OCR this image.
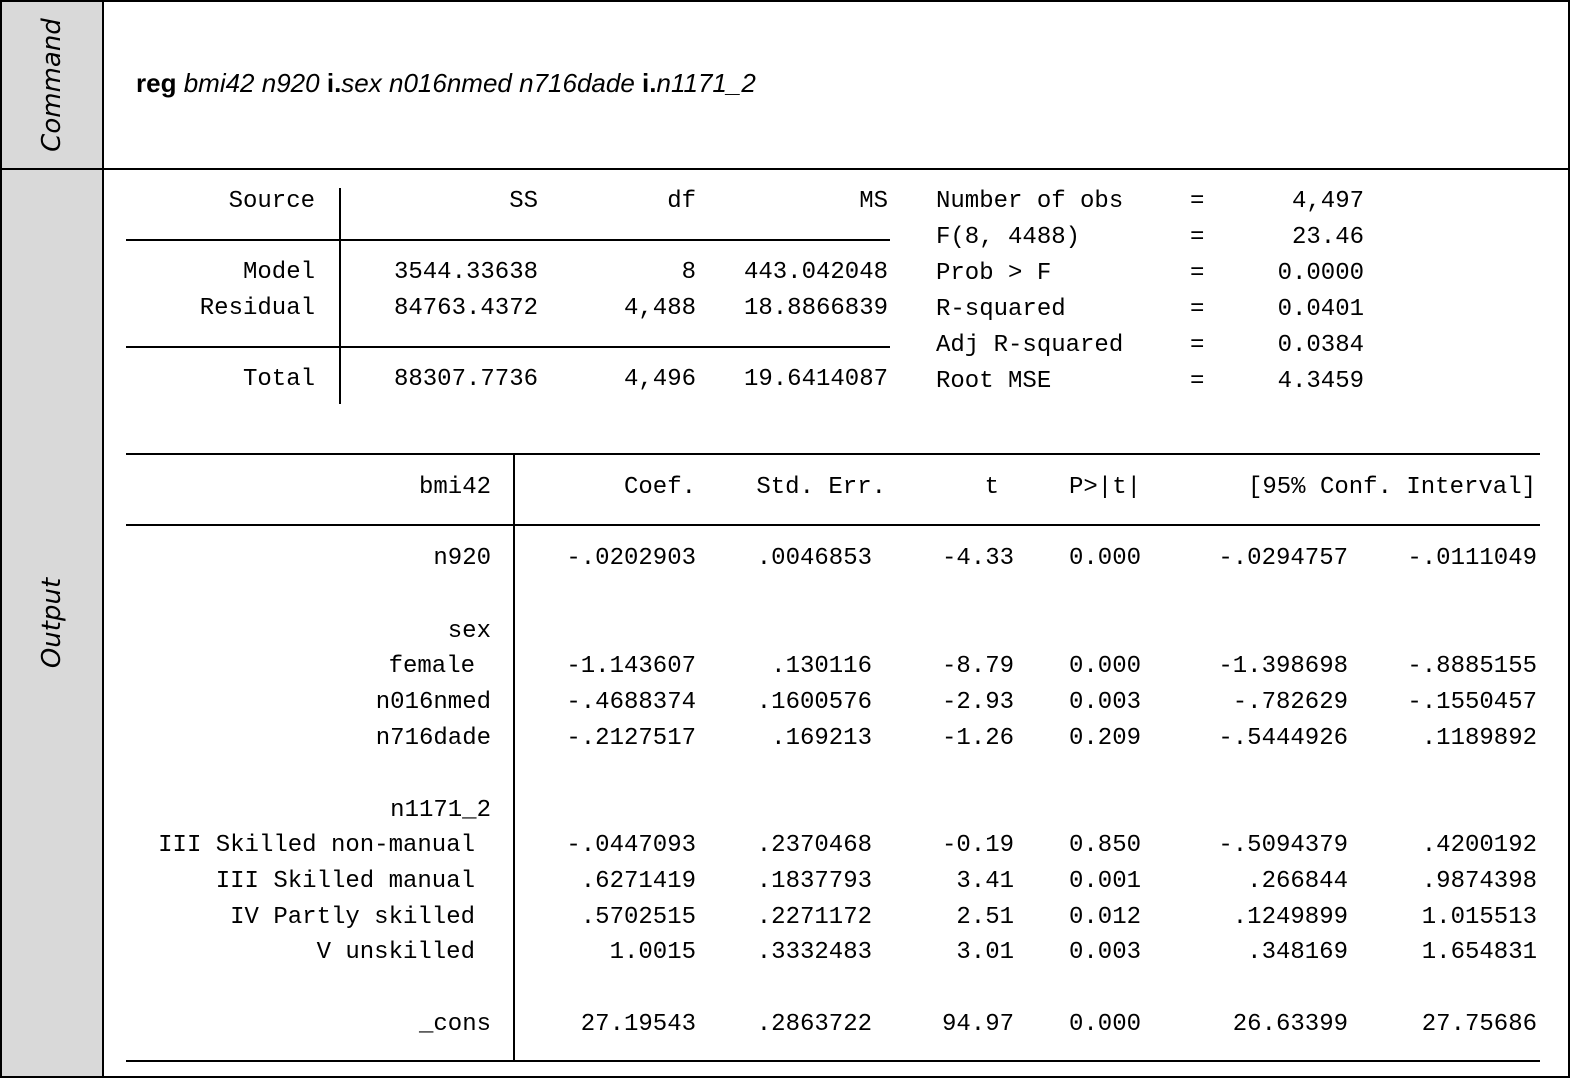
Command
Output
reg bmi42 n920 i.sex n016nmed n716dade i.n1171_2
Source	SS	df	MS
Model	3544.33638	8	443.042048
Residual	84763.4372	4,488	18.8866839
Total	88307.7736	4,496	19.6414087
Number of obs	=	4,497
F(8, 4488)	=	23.46
Prob > F	=	0.0000
R-squared	=	0.0401
Adj R-squared	=	0.0384
Root MSE	=	4.3459
bmi42	Coef.	Std. Err.	t	P>|t|	[95% Conf. Interval]
n920	-.0202903	.0046853	-4.33	0.000	-.0294757	-.0111049
sex
female	-1.143607	.130116	-8.79	0.000	-1.398698	-.8885155
n016nmed	-.4688374	.1600576	-2.93	0.003	-.782629	-.1550457
n716dade	-.2127517	.169213	-1.26	0.209	-.5444926	.1189892
n1171_2
III Skilled non-manual	-.0447093	.2370468	-0.19	0.850	-.5094379	.4200192
III Skilled manual	.6271419	.1837793	3.41	0.001	.266844	.9874398
IV Partly skilled	.5702515	.2271172	2.51	0.012	.1249899	1.015513
V unskilled	1.0015	.3332483	3.01	0.003	.348169	1.654831
_cons	27.19543	.2863722	94.97	0.000	26.63399	27.75686
